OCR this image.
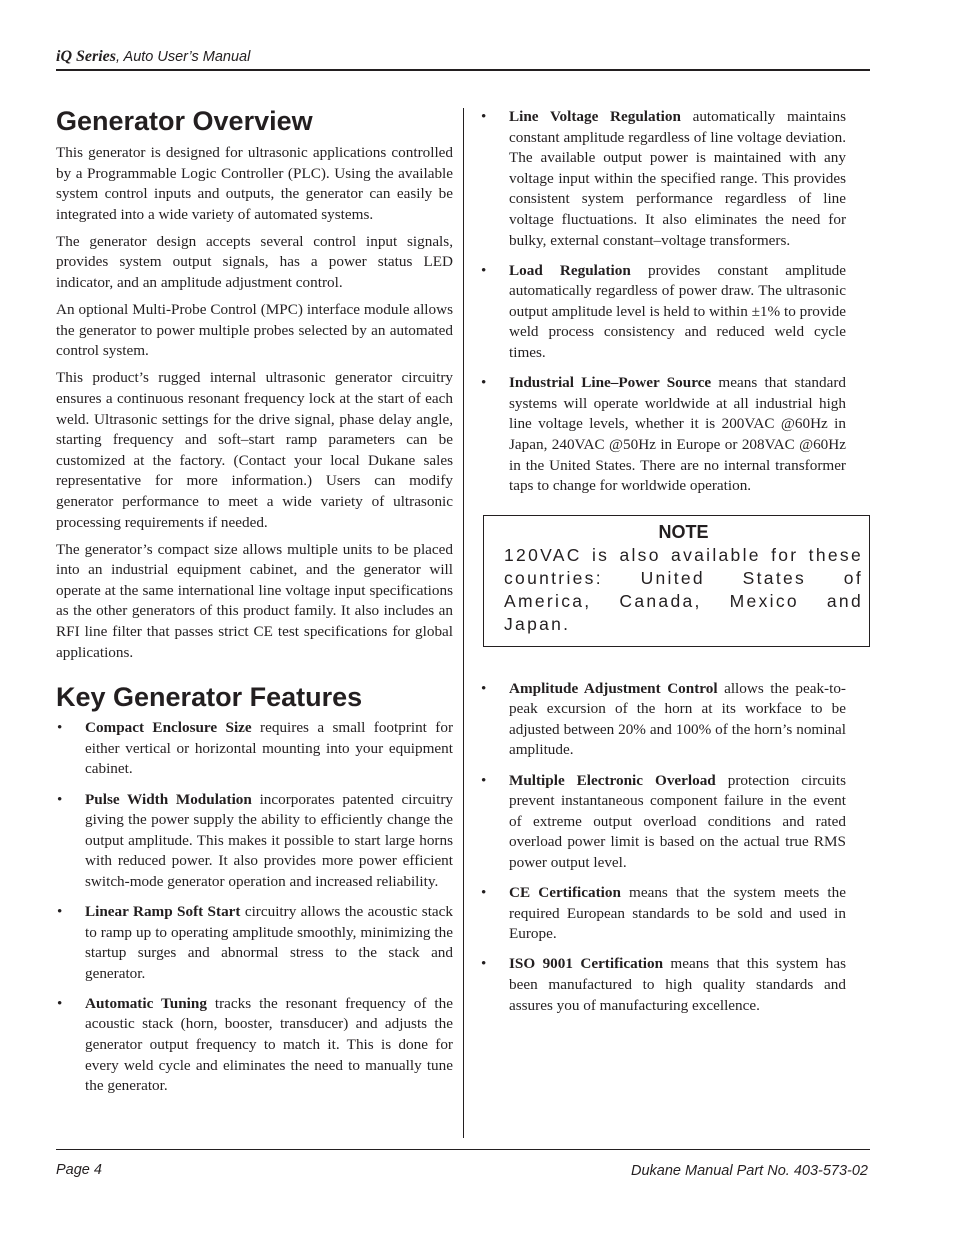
iQ Series, Auto User’s Manual
Generator Overview

This generator is designed for ultrasonic applications controlled by a Programmable Logic Controller (PLC). Using the available system control inputs and outputs, the generator can easily be integrated into a wide variety of automated systems.

The generator design accepts several control input signals, provides system output signals, has a power status LED indicator, and an amplitude adjustment control.

An optional Multi-Probe Control (MPC) interface module allows the generator to power multiple probes selected by an automated control system.

This product’s rugged internal ultrasonic generator circuitry ensures a continuous resonant frequency lock at the start of each weld. Ultrasonic settings for the drive signal, phase delay angle, starting frequency and soft–start ramp parameters can be customized at the factory. (Contact your local Dukane sales representative for more information.) Users can modify generator performance to meet a wide variety of ultrasonic processing requirements if needed.

The generator’s compact size allows multiple units to be placed into an industrial equipment cabinet, and the generator will operate at the same international line voltage input specifications as the other generators of this product family. It also includes an RFI line filter that passes strict CE test specifications for global applications.

Key Generator Features
• Compact Enclosure Size requires a small footprint for either vertical or horizontal mounting into your equipment cabinet.
• Pulse Width Modulation incorporates patented circuitry giving the power supply the ability to efficiently change the output amplitude. This makes it possible to start large horns with reduced power. It also provides more power efficient switch-mode generator operation and increased reliability.
• Linear Ramp Soft Start circuitry allows the acoustic stack to ramp up to operating amplitude smoothly, minimizing the startup surges and abnormal stress to the stack and generator.
• Automatic Tuning tracks the resonant frequency of the acoustic stack (horn, booster, transducer) and adjusts the generator output frequency to match it. This is done for every weld cycle and eliminates the need to manually tune the generator.
• Line Voltage Regulation automatically maintains constant amplitude regardless of line voltage deviation. The available output power is maintained with any voltage input within the specified range. This provides consistent system performance regardless of line voltage fluctuations. It also eliminates the need for bulky, external constant–voltage transformers.
• Load Regulation provides constant amplitude automatically regardless of power draw. The ultrasonic output amplitude level is held to within ±1% to provide weld process consistency and reduced weld cycle times.
• Industrial Line–Power Source means that standard systems will operate worldwide at all industrial high line voltage levels, whether it is 200VAC @60Hz in Japan, 240VAC @50Hz in Europe or 208VAC @60Hz in the United States. There are no internal transformer taps to change for worldwide operation.
NOTE
120VAC is also available for these countries: United States of America, Canada, Mexico and Japan.
• Amplitude Adjustment Control allows the peak-to-peak excursion of the horn at its workface to be adjusted between 20% and 100% of the horn’s nominal amplitude.
• Multiple Electronic Overload protection circuits prevent instantaneous component failure in the event of extreme output overload conditions and rated overload power limit is based on the actual true RMS power output level.
• CE Certification means that the system meets the required European standards to be sold and used in Europe.
• ISO 9001 Certification means that this system has been manufactured to high quality standards and assures you of manufacturing excellence.
Page 4	Dukane Manual Part No. 403-573-02
